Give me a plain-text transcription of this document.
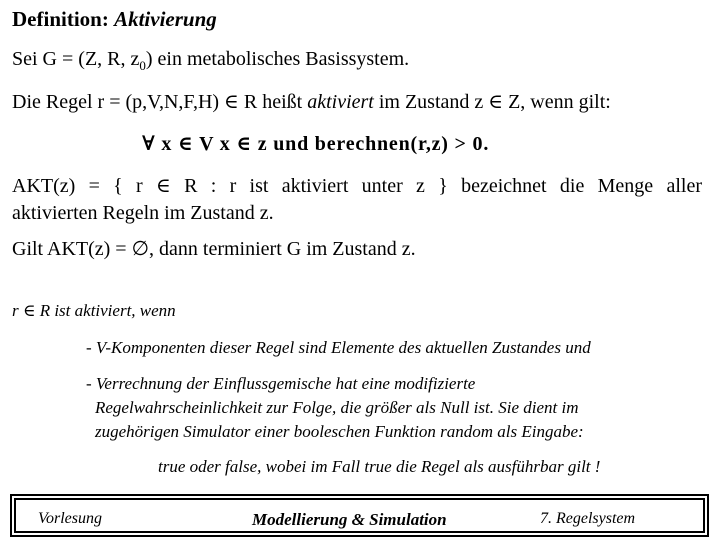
Definition: Aktivierung
Sei G = (Z, R, $z_0$) ein metabolisches Basissystem.
Die Regel r = (p,V,N,F,H) ∈ R heißt aktiviert im Zustand z ∈ Z, wenn gilt:
∀ x ∈ V x ∈ z und berechnen(r,z) > 0.
AKT(z) = { r ∈ R : r ist aktiviert unter z } bezeichnet die Menge aller
aktivierten Regeln im Zustand z.
Gilt AKT(z) = ∅, dann terminiert G im Zustand z.
r ∈ R ist aktiviert, wenn
- V-Komponenten dieser Regel sind Elemente des aktuellen Zustandes und
- Verrechnung der Einflussgemische hat eine modifizierte
Regelwahrscheinlichkeit zur Folge, die größer als Null ist. Sie dient im
zugehörigen Simulator einer booleschen Funktion random als Eingabe:
true oder false, wobei im Fall true die Regel als ausführbar gilt !
Vorlesung	Modellierung & Simulation	7. Regelsystem
